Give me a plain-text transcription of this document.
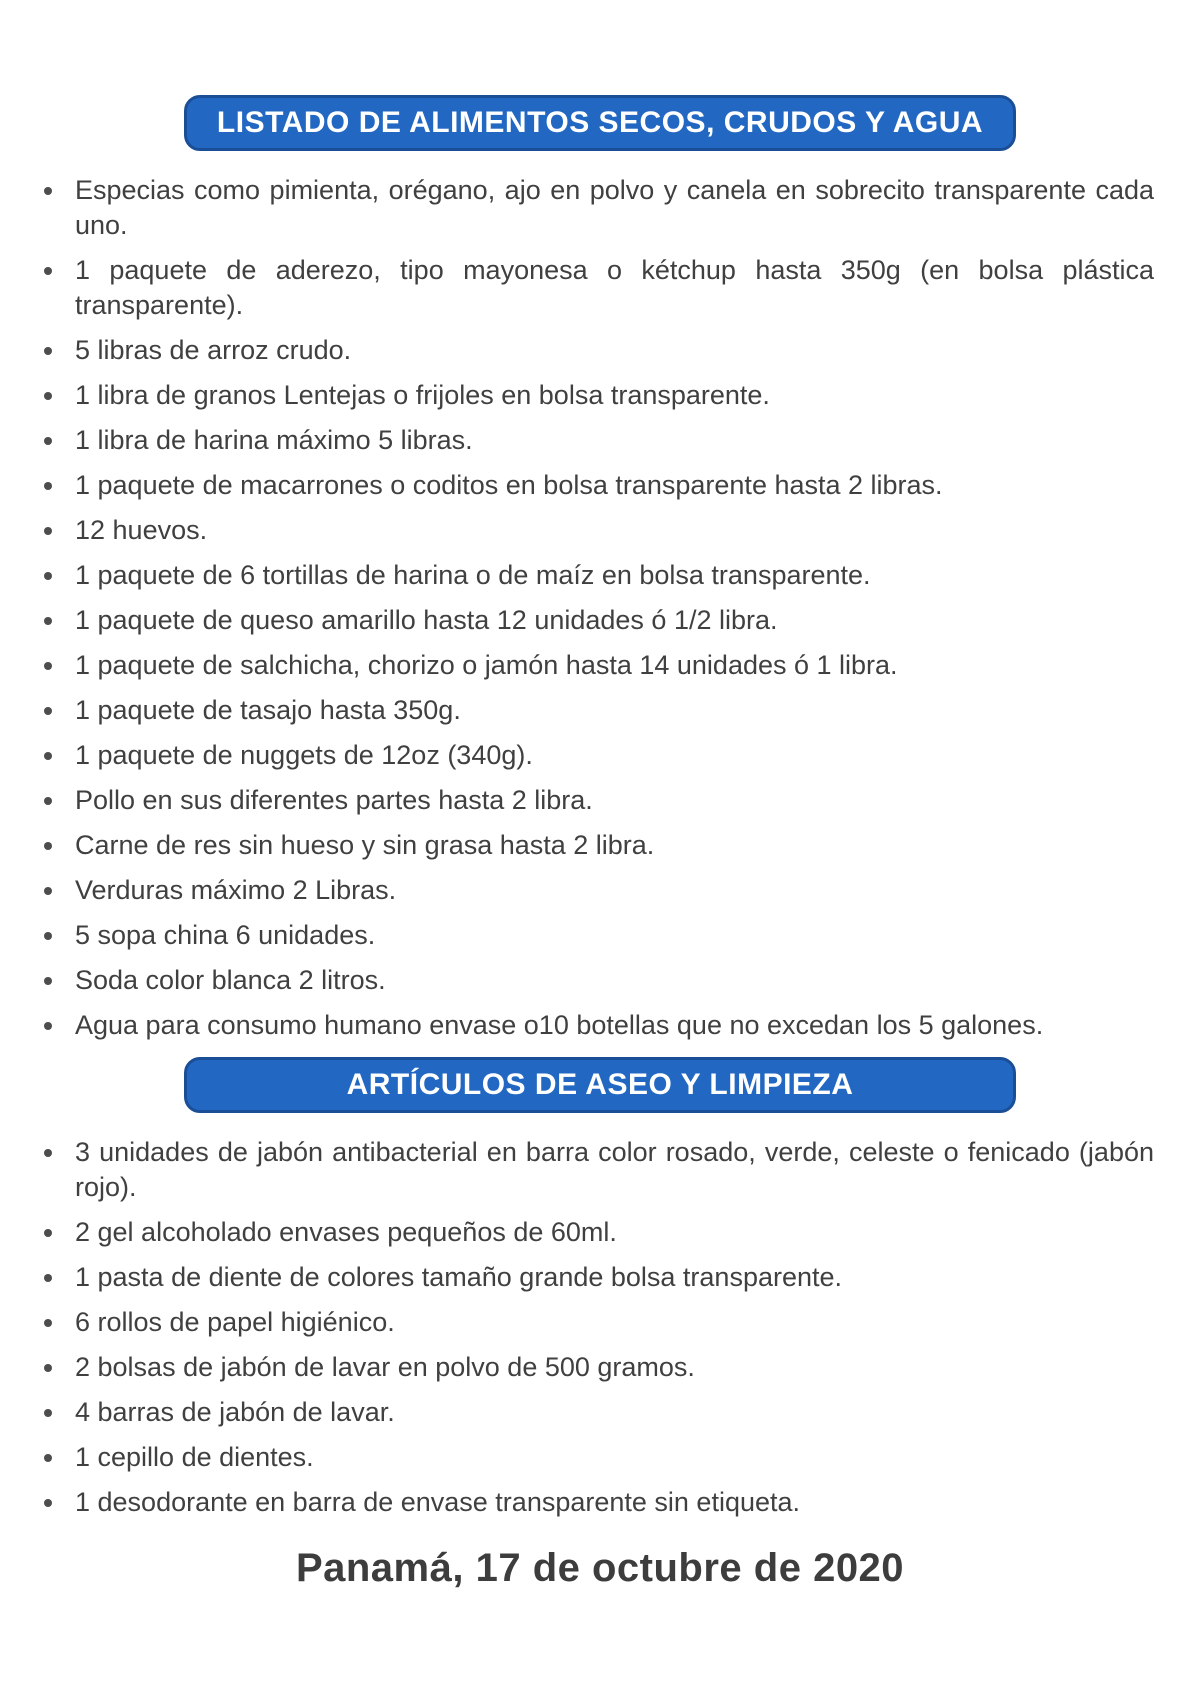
LISTADO DE ALIMENTOS SECOS, CRUDOS Y AGUA
Especias como pimienta, orégano, ajo en polvo y canela en sobrecito transparente cada uno.
1 paquete de aderezo, tipo mayonesa o kétchup hasta 350g (en bolsa plástica transparente).
5 libras de arroz crudo.
1 libra de granos Lentejas o frijoles en bolsa transparente.
1 libra de harina máximo 5 libras.
1 paquete de macarrones o coditos en bolsa transparente hasta 2 libras.
12 huevos.
1 paquete de 6 tortillas de harina o de maíz en bolsa transparente.
1 paquete de queso amarillo hasta 12 unidades ó 1/2 libra.
1 paquete de salchicha, chorizo o jamón hasta 14 unidades ó 1 libra.
1 paquete de tasajo hasta 350g.
1 paquete de nuggets de 12oz (340g).
Pollo en sus diferentes partes hasta 2 libra.
Carne de res sin hueso y sin grasa hasta 2 libra.
Verduras máximo 2 Libras.
5 sopa china 6 unidades.
Soda color blanca 2 litros.
Agua para consumo humano envase o10 botellas que no excedan los 5 galones.
ARTÍCULOS DE ASEO Y LIMPIEZA
3 unidades de jabón antibacterial en barra color rosado, verde, celeste o fenicado (jabón rojo).
2 gel alcoholado envases pequeños de 60ml.
1 pasta de diente de colores tamaño grande bolsa transparente.
6 rollos de papel higiénico.
2 bolsas de jabón de lavar en polvo de 500 gramos.
4 barras de jabón de lavar.
1 cepillo de dientes.
1 desodorante en barra de envase transparente sin etiqueta.
Panamá, 17 de octubre de 2020
